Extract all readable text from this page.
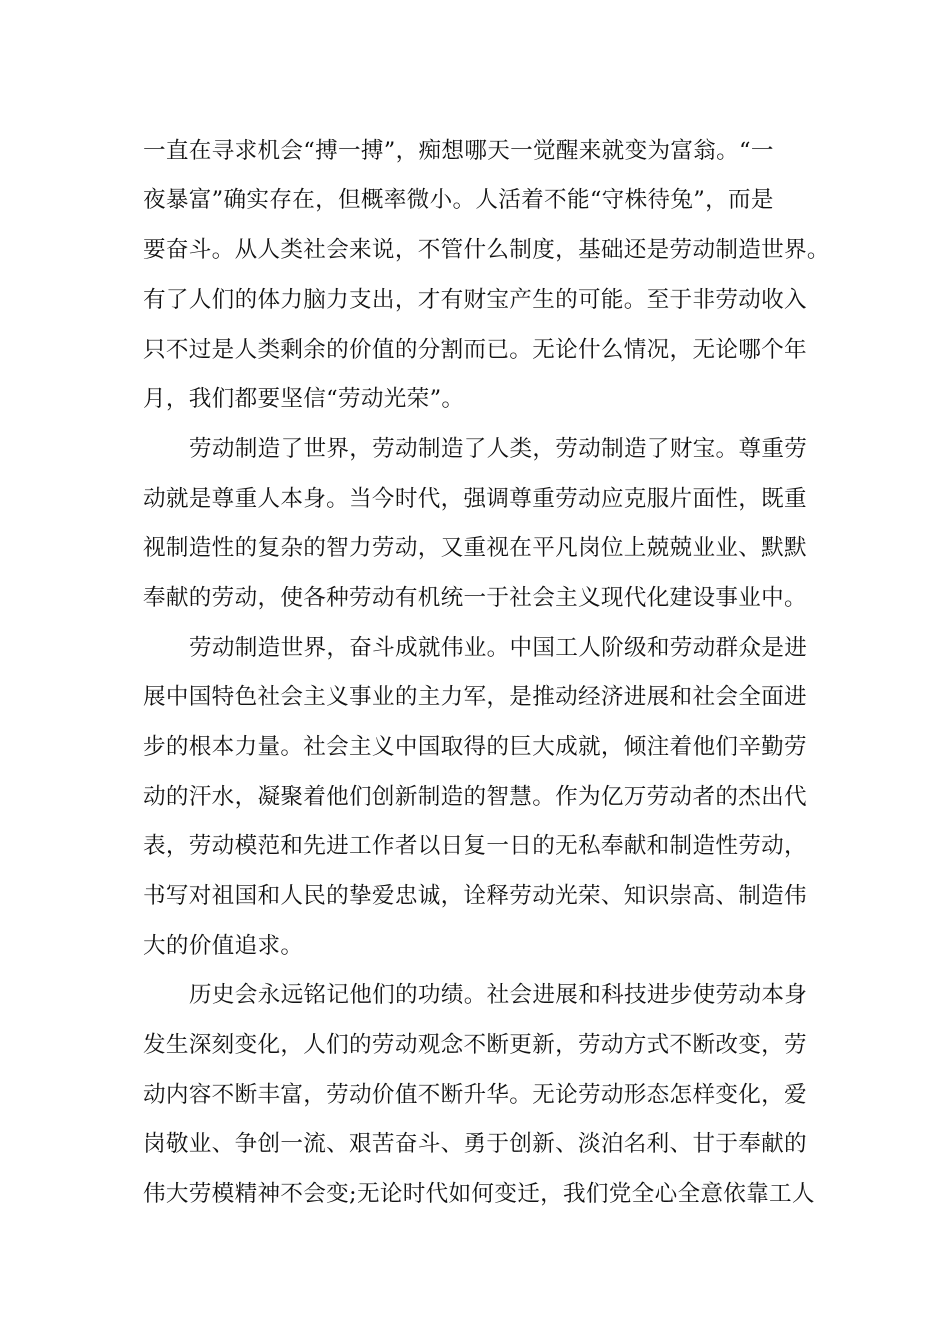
一直在寻求机会“搏一搏”，痴想哪天一觉醒来就变为富翁。“一
夜暴富”确实存在，但概率微小。人活着不能“守株待兔”，而是
要奋斗。从人类社会来说，不管什么制度，基础还是劳动制造世界。
有了人们的体力脑力支出，才有财宝产生的可能。至于非劳动收入
只不过是人类剩余的价值的分割而已。无论什么情况，无论哪个年
月，我们都要坚信“劳动光荣”。
劳动制造了世界，劳动制造了人类，劳动制造了财宝。尊重劳
动就是尊重人本身。当今时代，强调尊重劳动应克服片面性，既重
视制造性的复杂的智力劳动，又重视在平凡岗位上兢兢业业、默默
奉献的劳动，使各种劳动有机统一于社会主义现代化建设事业中。
劳动制造世界，奋斗成就伟业。中国工人阶级和劳动群众是进
展中国特色社会主义事业的主力军，是推动经济进展和社会全面进
步的根本力量。社会主义中国取得的巨大成就，倾注着他们辛勤劳
动的汗水，凝聚着他们创新制造的智慧。作为亿万劳动者的杰出代
表，劳动模范和先进工作者以日复一日的无私奉献和制造性劳动，
书写对祖国和人民的挚爱忠诚，诠释劳动光荣、知识崇高、制造伟
大的价值追求。
历史会永远铭记他们的功绩。社会进展和科技进步使劳动本身
发生深刻变化，人们的劳动观念不断更新，劳动方式不断改变，劳
动内容不断丰富，劳动价值不断升华。无论劳动形态怎样变化，爱
岗敬业、争创一流、艰苦奋斗、勇于创新、淡泊名利、甘于奉献的
伟大劳模精神不会变;无论时代如何变迁，我们党全心全意依靠工人
